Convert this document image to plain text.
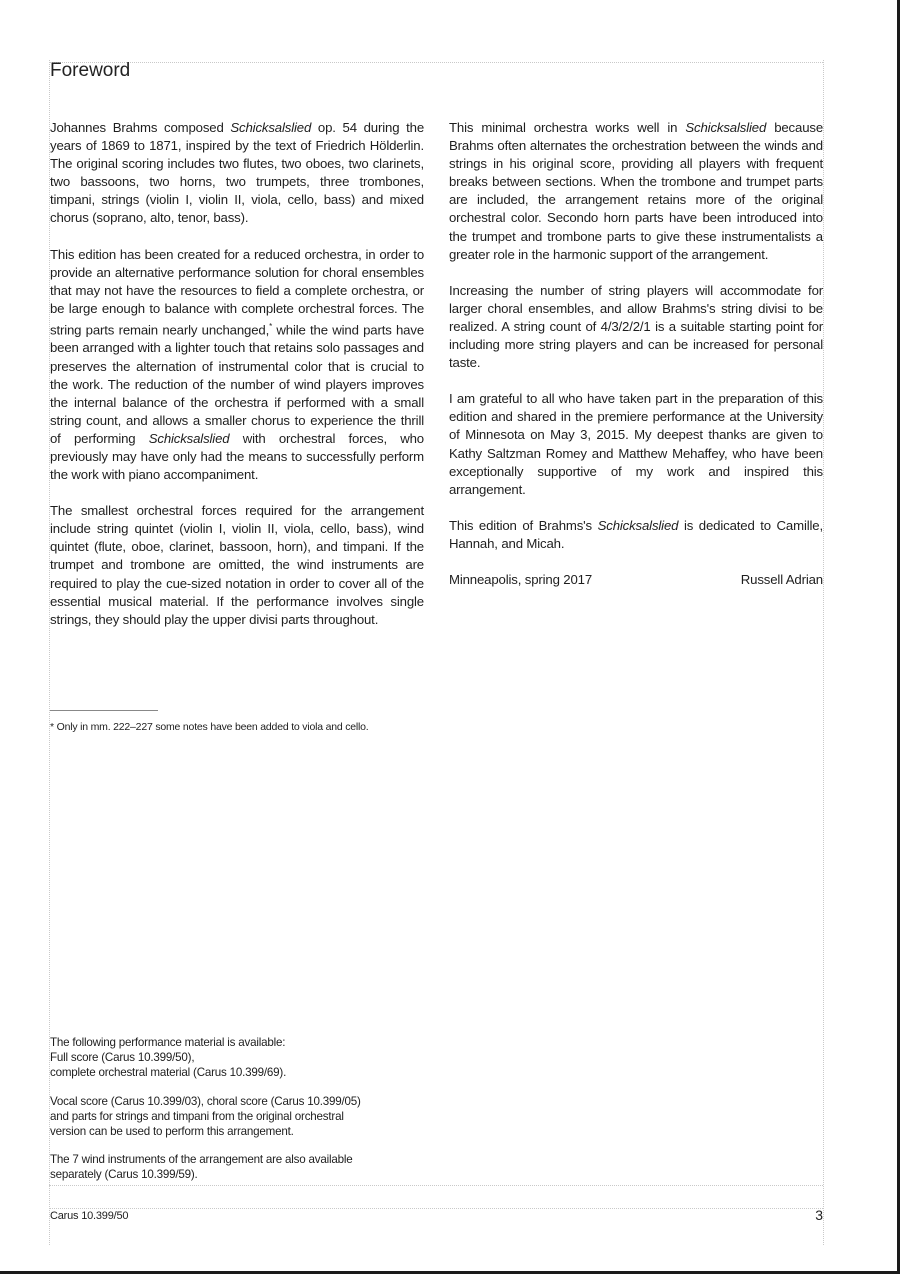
Foreword

Johannes Brahms composed Schicksalslied op. 54 during the years of 1869 to 1871, inspired by the text of Friedrich Hölderlin. The original scoring includes two flutes, two oboes, two clarinets, two bassoons, two horns, two trumpets, three trombones, timpani, strings (violin I, violin II, viola, cello, bass) and mixed chorus (soprano, alto, tenor, bass).

This edition has been created for a reduced orchestra, in order to provide an alternative performance solution for choral ensembles that may not have the resources to field a complete orchestra, or be large enough to balance with complete orchestral forces. The string parts remain nearly unchanged,* while the wind parts have been arranged with a lighter touch that retains solo passages and preserves the alternation of instrumental color that is crucial to the work. The reduction of the number of wind players improves the internal balance of the orchestra if performed with a small string count, and allows a smaller chorus to experience the thrill of performing Schicksalslied with orchestral forces, who previously may have only had the means to successfully perform the work with piano accompaniment.

The smallest orchestral forces required for the arrangement include string quintet (violin I, violin II, viola, cello, bass), wind quintet (flute, oboe, clarinet, bassoon, horn), and timpani. If the trumpet and trombone are omitted, the wind instruments are required to play the cue-sized notation in order to cover all of the essential musical material. If the performance involves single strings, they should play the upper divisi parts throughout.

* Only in mm. 222–227 some notes have been added to viola and cello.

This minimal orchestra works well in Schicksalslied because Brahms often alternates the orchestration between the winds and strings in his original score, providing all players with frequent breaks between sections. When the trombone and trumpet parts are included, the arrangement retains more of the original orchestral color. Secondo horn parts have been introduced into the trumpet and trombone parts to give these instrumentalists a greater role in the harmonic support of the arrangement.

Increasing the number of string players will accommodate for larger choral ensembles, and allow Brahms's string divisi to be realized. A string count of 4/3/2/2/1 is a suitable starting point for including more string players and can be increased for personal taste.

I am grateful to all who have taken part in the preparation of this edition and shared in the premiere performance at the University of Minnesota on May 3, 2015. My deepest thanks are given to Kathy Saltzman Romey and Matthew Mehaffey, who have been exceptionally supportive of my work and inspired this arrangement.

This edition of Brahms's Schicksalslied is dedicated to Camille, Hannah, and Micah.

Minneapolis, spring 2017	Russell Adrian

The following performance material is available:
Full score (Carus 10.399/50),
complete orchestral material (Carus 10.399/69).

Vocal score (Carus 10.399/03), choral score (Carus 10.399/05)
and parts for strings and timpani from the original orchestral
version can be used to perform this arrangement.

The 7 wind instruments of the arrangement are also available
separately (Carus 10.399/59).

Carus 10.399/50	3
